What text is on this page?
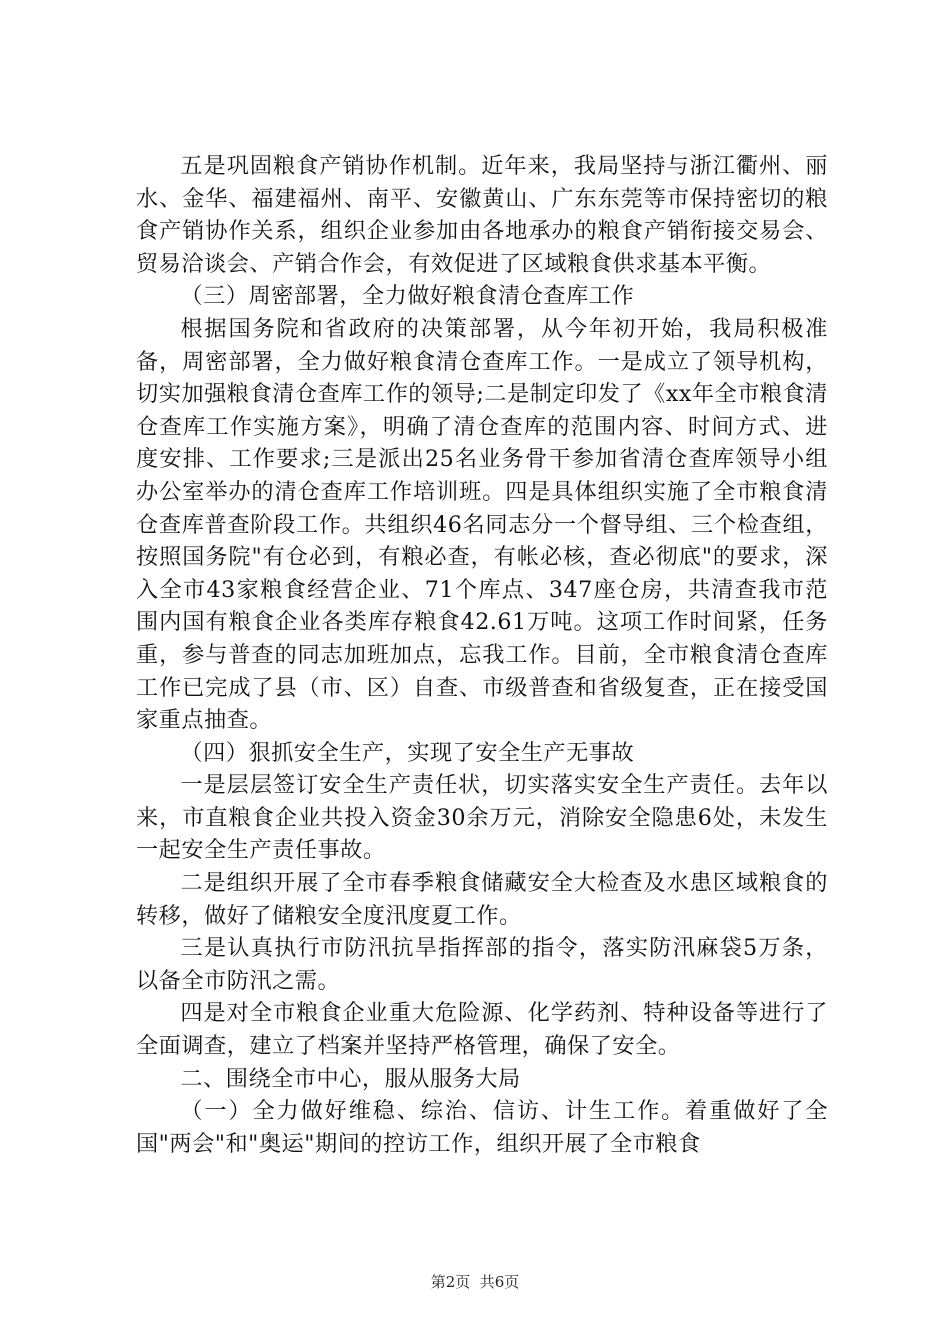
五是巩固粮食产销协作机制。近年来，我局坚持与浙江衢州、丽水、金华、福建福州、南平、安徽黄山、广东东莞等市保持密切的粮食产销协作关系，组织企业参加由各地承办的粮食产销衔接交易会、贸易洽谈会、产销合作会，有效促进了区域粮食供求基本平衡。

（三）周密部署，全力做好粮食清仓查库工作

根据国务院和省政府的决策部署，从今年初开始，我局积极准备，周密部署，全力做好粮食清仓查库工作。一是成立了领导机构，切实加强粮食清仓查库工作的领导;二是制定印发了《xx年全市粮食清仓查库工作实施方案》，明确了清仓查库的范围内容、时间方式、进度安排、工作要求;三是派出25名业务骨干参加省清仓查库领导小组办公室举办的清仓查库工作培训班。四是具体组织实施了全市粮食清仓查库普查阶段工作。共组织46名同志分一个督导组、三个检查组，按照国务院"有仓必到，有粮必查，有帐必核，查必彻底"的要求，深入全市43家粮食经营企业、71个库点、347座仓房，共清查我市范围内国有粮食企业各类库存粮食42.61万吨。这项工作时间紧，任务重，参与普查的同志加班加点，忘我工作。目前，全市粮食清仓查库工作已完成了县（市、区）自查、市级普查和省级复查，正在接受国家重点抽查。

（四）狠抓安全生产，实现了安全生产无事故

一是层层签订安全生产责任状，切实落实安全生产责任。去年以来，市直粮食企业共投入资金30余万元，消除安全隐患6处，未发生一起安全生产责任事故。

二是组织开展了全市春季粮食储藏安全大检查及水患区域粮食的转移，做好了储粮安全度汛度夏工作。

三是认真执行市防汛抗旱指挥部的指令，落实防汛麻袋5万条，以备全市防汛之需。

四是对全市粮食企业重大危险源、化学药剂、特种设备等进行了全面调查，建立了档案并坚持严格管理，确保了安全。

二、围绕全市中心，服从服务大局

（一）全力做好维稳、综治、信访、计生工作。着重做好了全国"两会"和"奥运"期间的控访工作，组织开展了全市粮食

第2页  共6页
